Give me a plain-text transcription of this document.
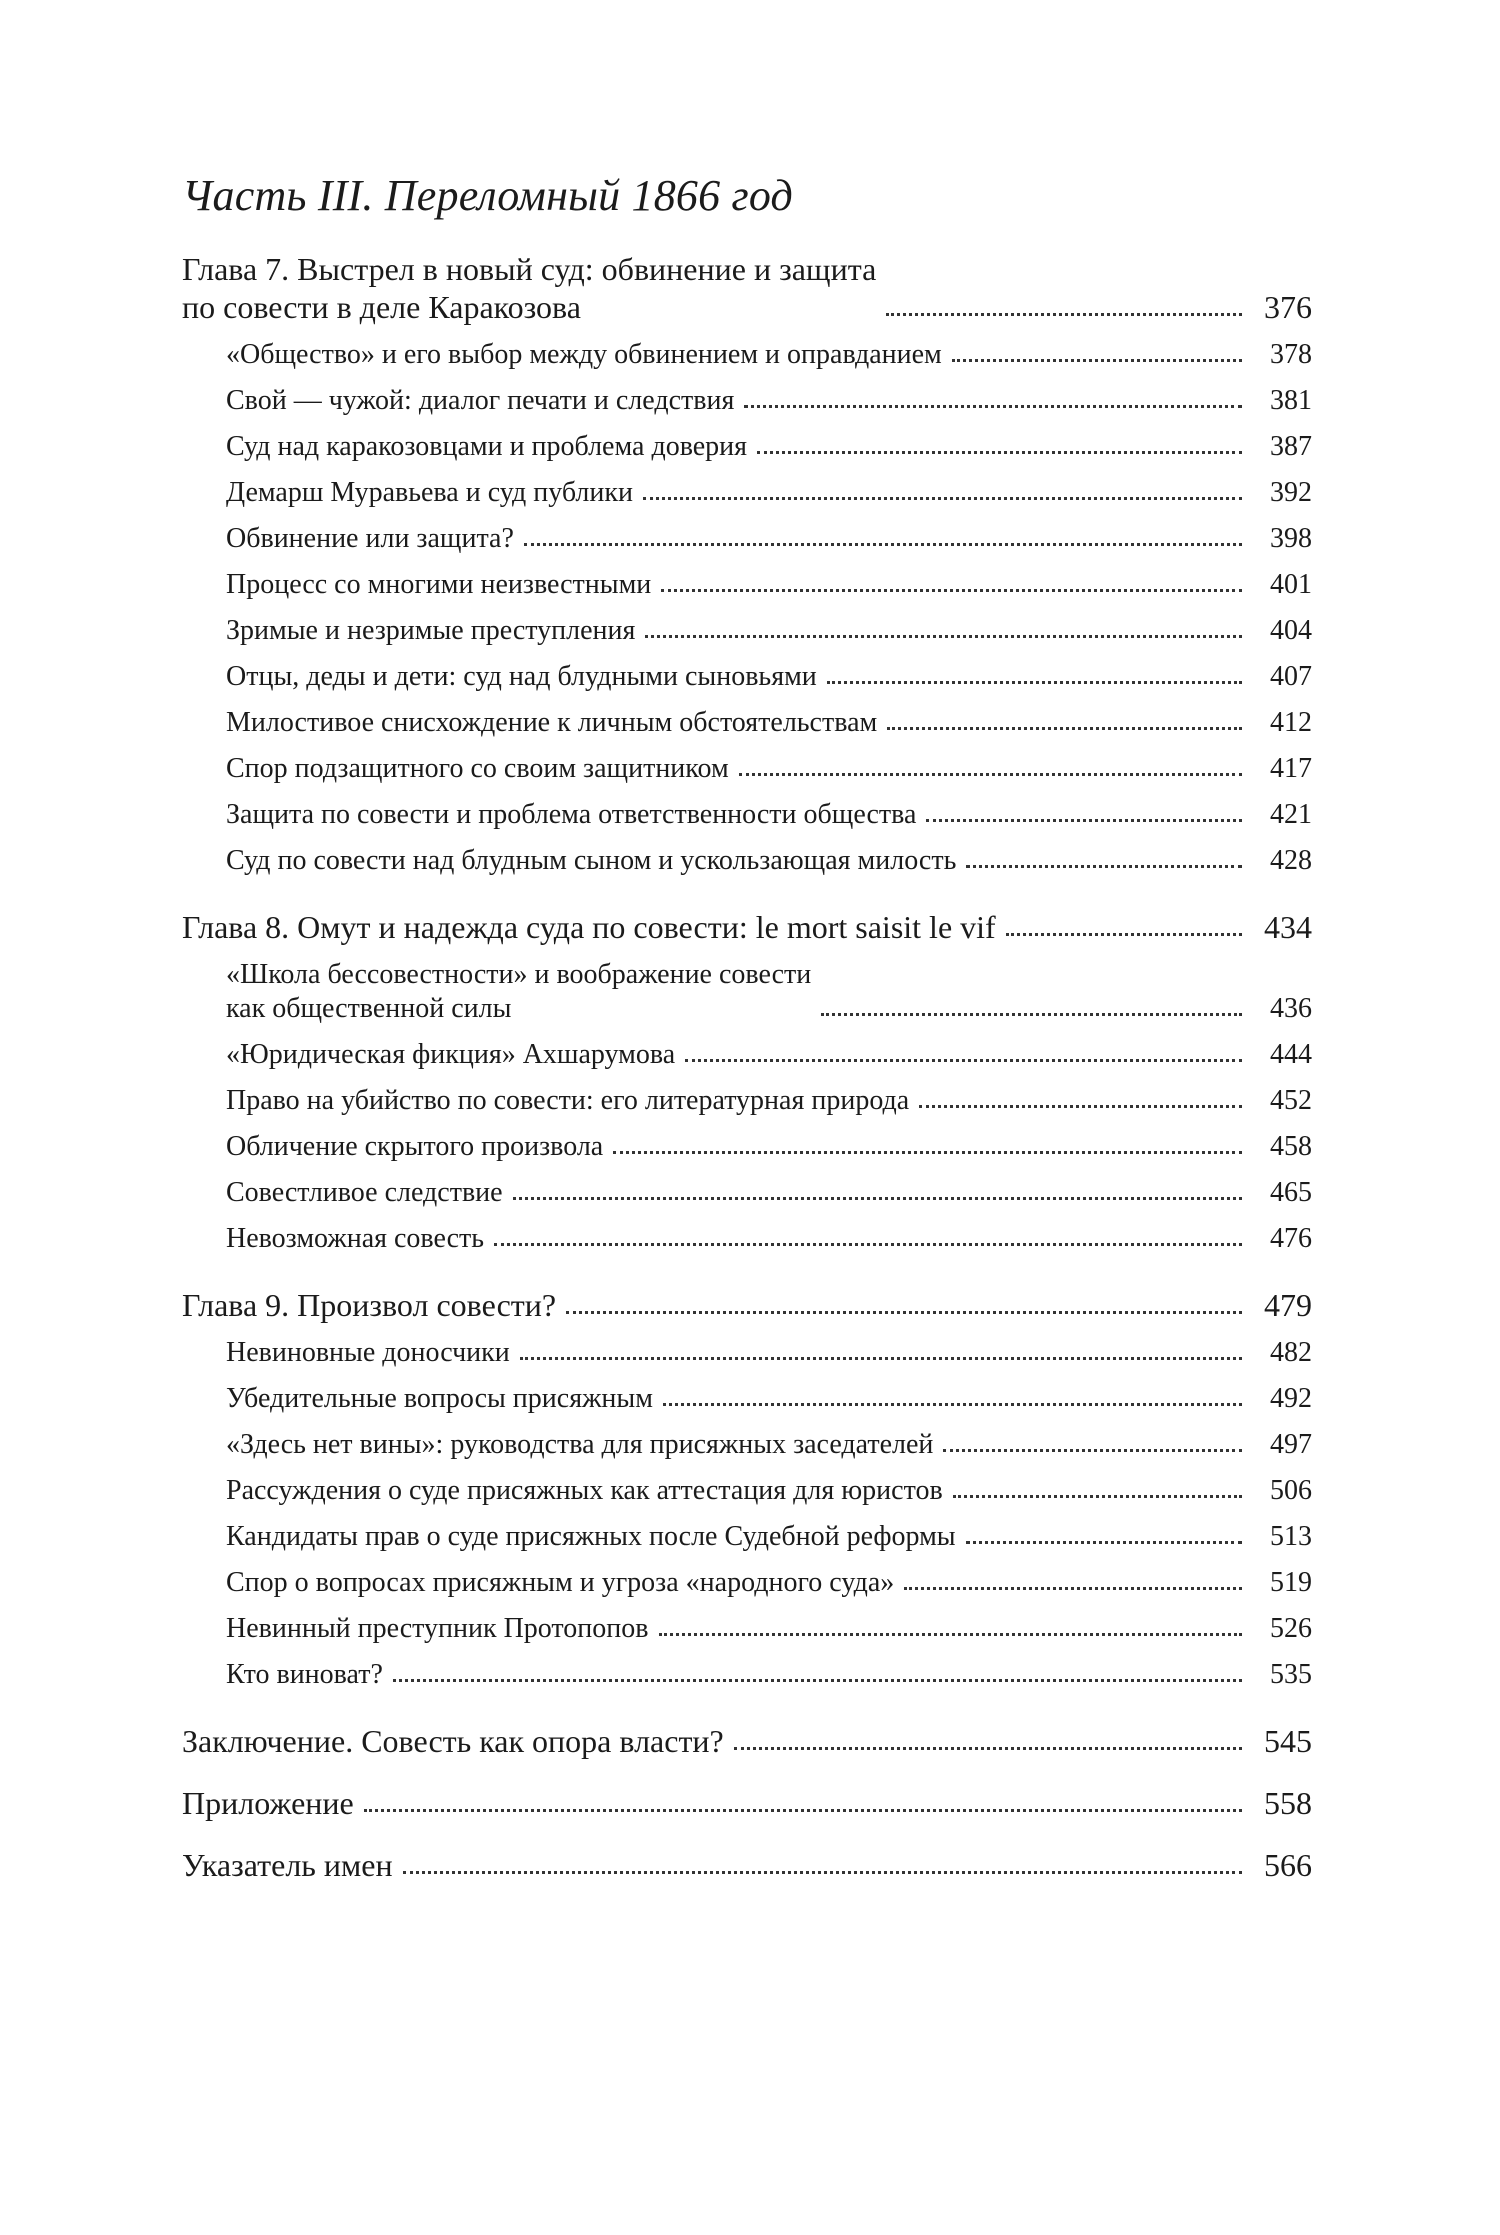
Часть III. Переломный 1866 год
Глава 7. Выстрел в новый суд: обвинение и защита
по совести в деле Каракозова	376
«Общество» и его выбор между обвинением и оправданием	378
Свой — чужой: диалог печати и следствия	381
Суд над каракозовцами и проблема доверия	387
Демарш Муравьева и суд публики	392
Обвинение или защита?	398
Процесс со многими неизвестными	401
Зримые и незримые преступления	404
Отцы, деды и дети: суд над блудными сыновьями	407
Милостивое снисхождение к личным обстоятельствам	412
Спор подзащитного со своим защитником	417
Защита по совести и проблема ответственности общества	421
Суд по совести над блудным сыном и ускользающая милость	428
Глава 8. Омут и надежда суда по совести: le mort saisit le vif	434
«Школа бессовестности» и воображение совести
как общественной силы	436
«Юридическая фикция» Ахшарумова	444
Право на убийство по совести: его литературная природа	452
Обличение скрытого произвола	458
Совестливое следствие	465
Невозможная совесть	476
Глава 9. Произвол совести?	479
Невиновные доносчики	482
Убедительные вопросы присяжным	492
«Здесь нет вины»: руководства для присяжных заседателей	497
Рассуждения о суде присяжных как аттестация для юристов	506
Кандидаты прав о суде присяжных после Судебной реформы	513
Спор о вопросах присяжным и угроза «народного суда»	519
Невинный преступник Протопопов	526
Кто виноват?	535
Заключение. Совесть как опора власти?	545
Приложение	558
Указатель имен	566
